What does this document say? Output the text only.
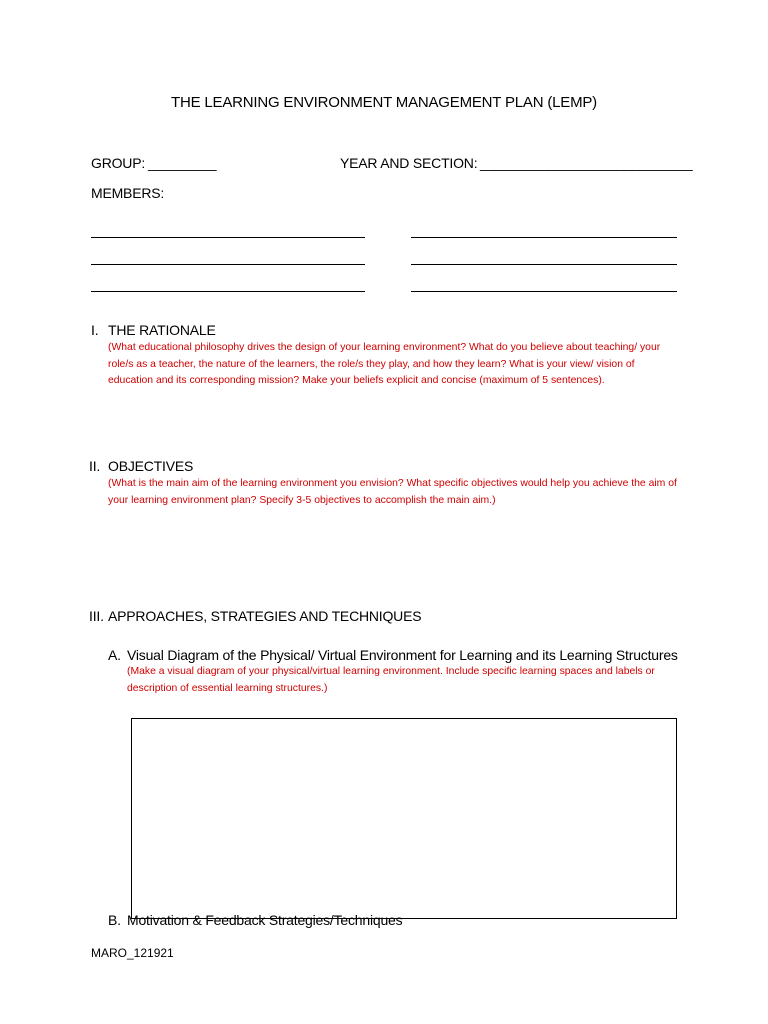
THE LEARNING ENVIRONMENT MANAGEMENT PLAN (LEMP)
GROUP: _________	YEAR AND SECTION: ____________________________
MEMBERS:
I. THE RATIONALE
(What educational philosophy drives the design of your learning environment? What do you believe about teaching/ your
role/s as a teacher, the nature of the learners, the role/s they play, and how they learn? What is your view/ vision of
education and its corresponding mission? Make your beliefs explicit and concise (maximum of 5 sentences).
II. OBJECTIVES
(What is the main aim of the learning environment you envision? What specific objectives would help you achieve the aim of
your learning environment plan? Specify 3-5 objectives to accomplish the main aim.)
III. APPROACHES, STRATEGIES AND TECHNIQUES
A. Visual Diagram of the Physical/ Virtual Environment for Learning and its Learning Structures
(Make a visual diagram of your physical/virtual learning environment. Include specific learning spaces and labels or
description of essential learning structures.)
B. Motivation & Feedback Strategies/Techniques
MARO_121921
